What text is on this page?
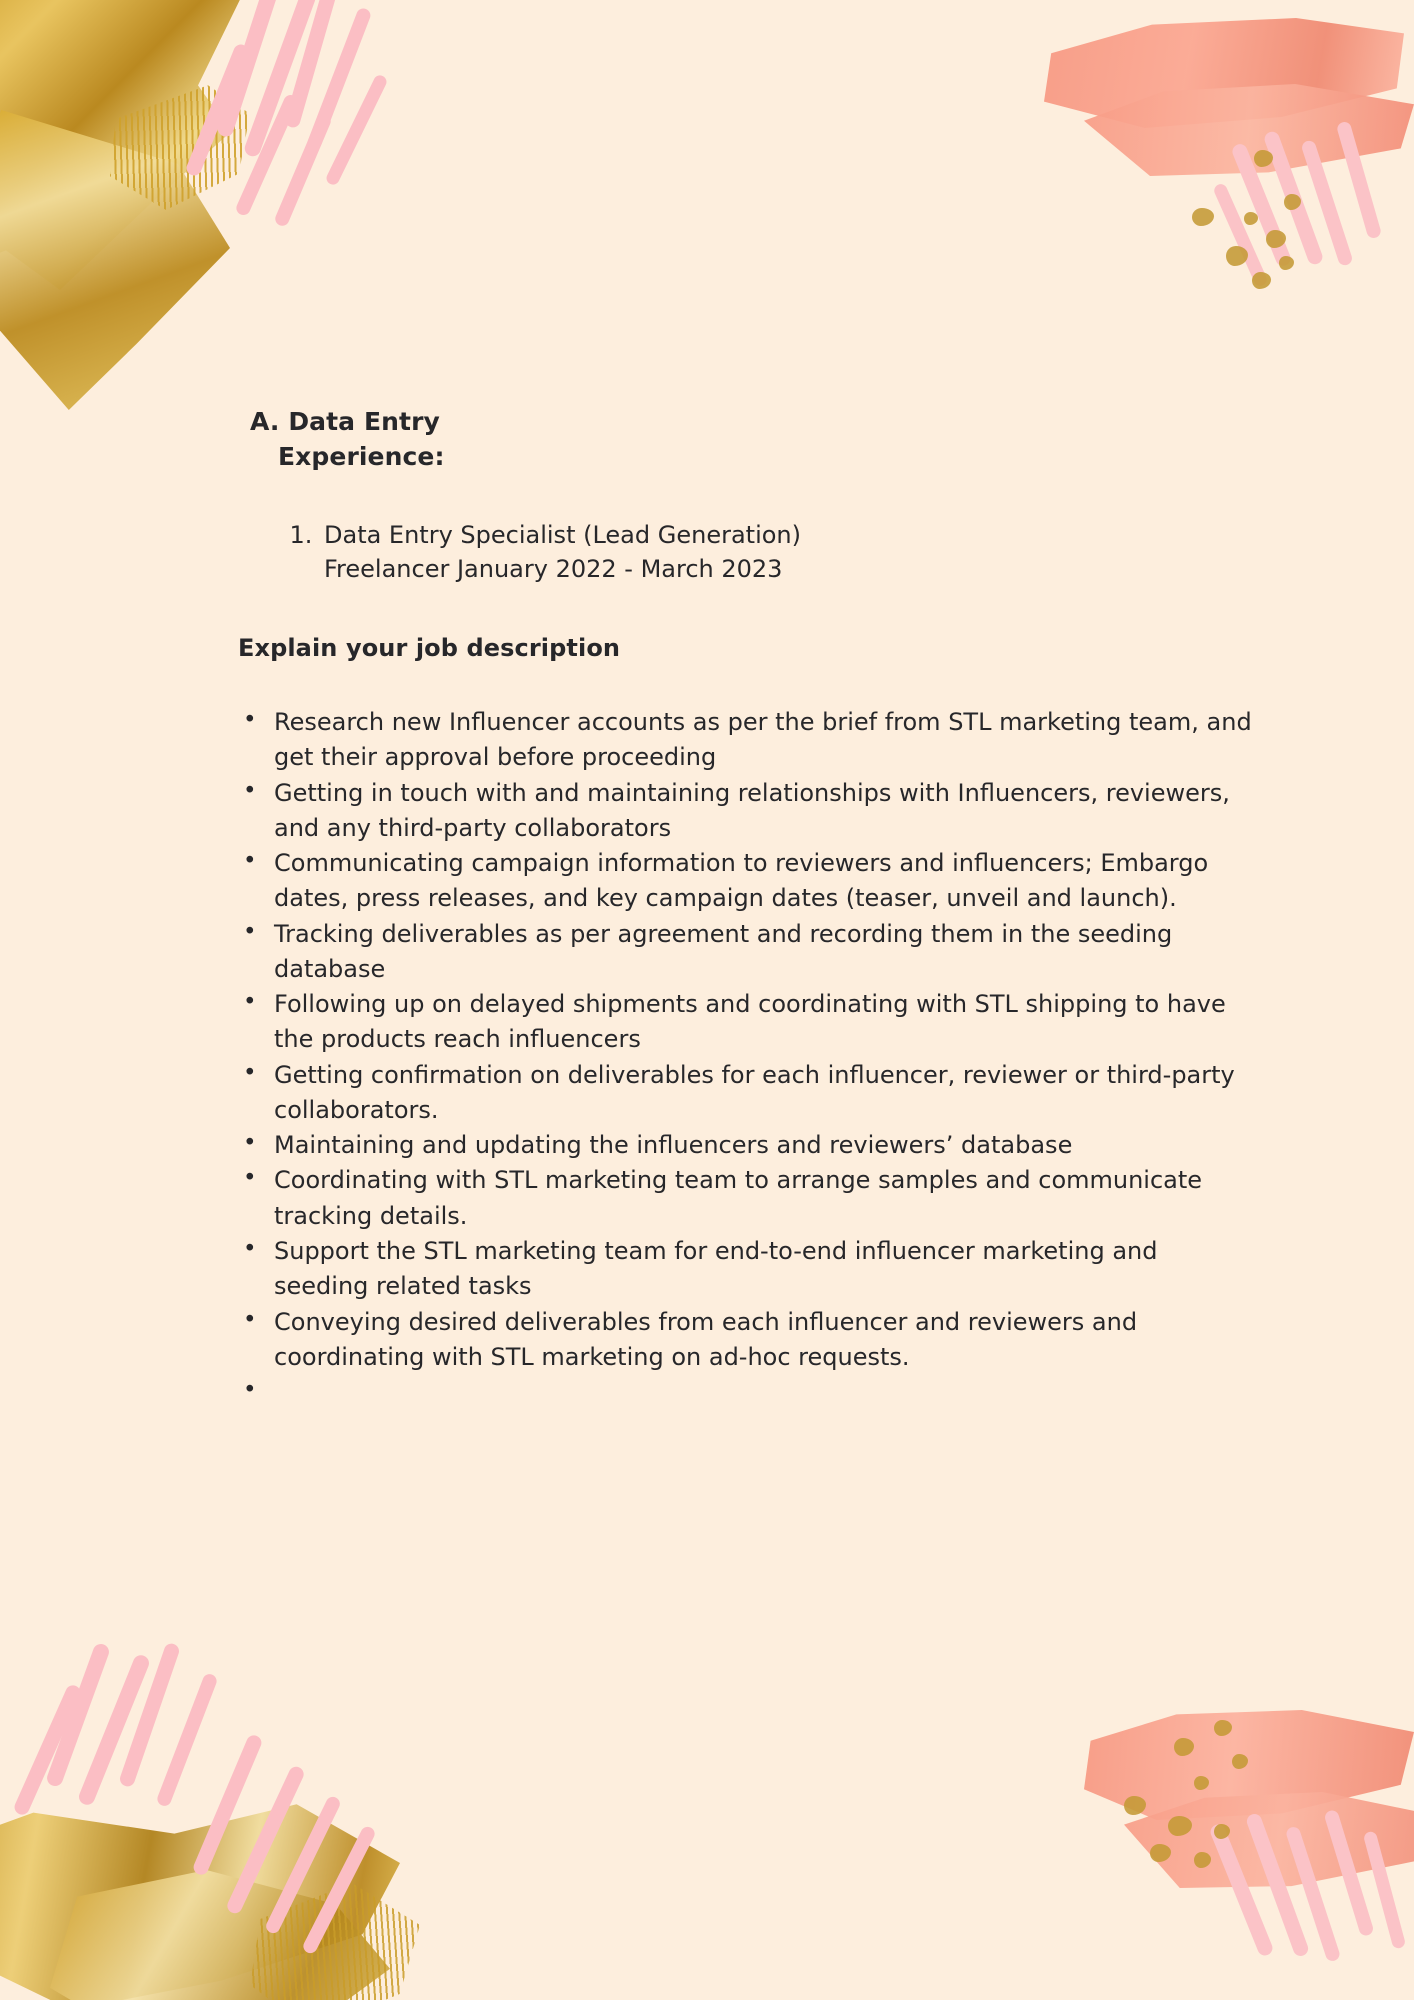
A. Data Entry
Experience:
1. Data Entry Specialist (Lead Generation)
Freelancer January 2022 - March 2023
Explain your job description
• Research new Influencer accounts as per the brief from STL marketing team, and get their approval before proceeding
• Getting in touch with and maintaining relationships with Influencers, reviewers, and any third-party collaborators
• Communicating campaign information to reviewers and influencers; Embargo dates, press releases, and key campaign dates (teaser, unveil and launch).
• Tracking deliverables as per agreement and recording them in the seeding database
• Following up on delayed shipments and coordinating with STL shipping to have the products reach influencers
• Getting confirmation on deliverables for each influencer, reviewer or third-party collaborators.
• Maintaining and updating the influencers and reviewers’ database
• Coordinating with STL marketing team to arrange samples and communicate tracking details.
• Support the STL marketing team for end-to-end influencer marketing and seeding related tasks
• Conveying desired deliverables from each influencer and reviewers and coordinating with STL marketing on ad-hoc requests.
•
